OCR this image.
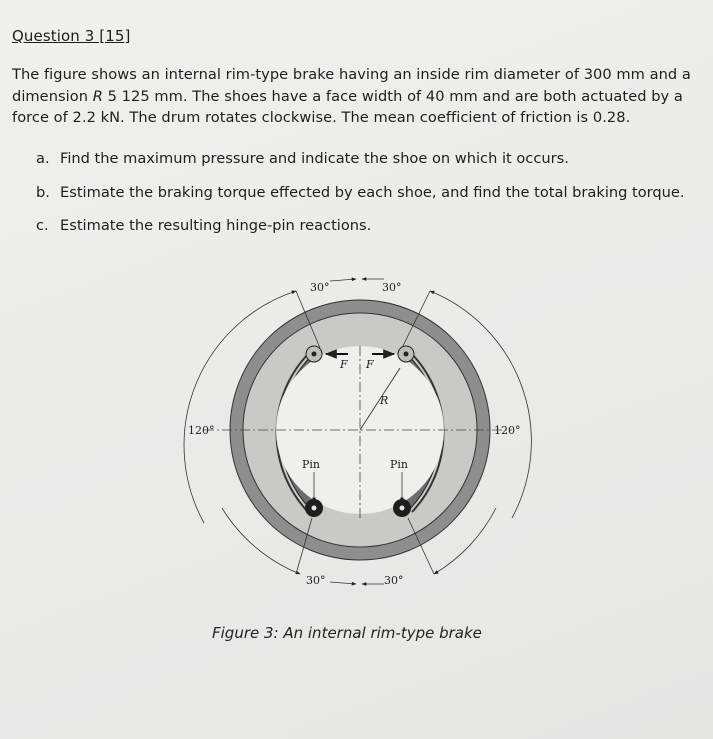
Question 3 [15]
The figure shows an internal rim-type brake having an inside rim diameter of 300 mm and a
dimension R 5 125 mm. The shoes have a face width of 40 mm and are both actuated by a
force of 2.2 kN. The drum rotates clockwise. The mean coefficient of friction is 0.28.
a. Find the maximum pressure and indicate the shoe on which it occurs.
b. Estimate the braking torque effected by each shoe, and find the total braking torque.
c. Estimate the resulting hinge-pin reactions.
30°	30°
120°	120°
30°	30°
F F
R
Pin	Pin
Figure 3: An internal rim-type brake
